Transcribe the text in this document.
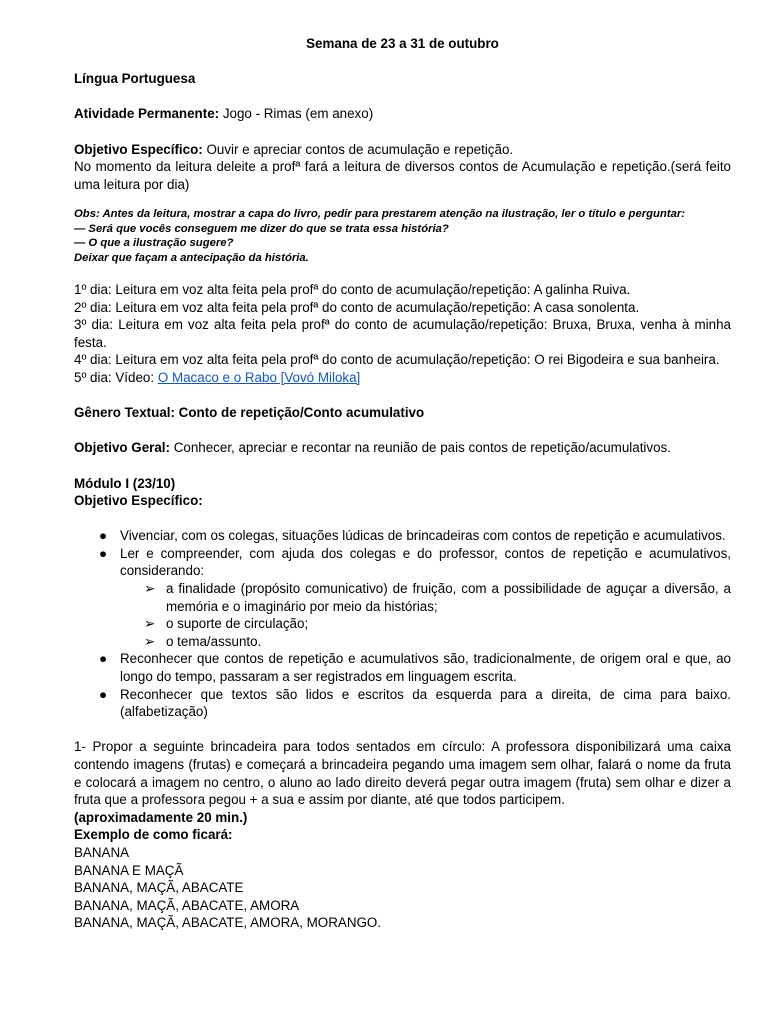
Semana de 23 a 31 de outubro

Língua Portuguesa

Atividade Permanente: Jogo - Rimas (em anexo)

Objetivo Específico: Ouvir e apreciar contos de acumulação e repetição.

No momento da leitura deleite a profª fará a leitura de diversos contos de Acumulação e repetição.(será feito uma leitura por dia)

Obs: Antes da leitura, mostrar a capa do livro, pedir para prestarem atenção na ilustração, ler o título e perguntar:

— Será que vocês conseguem me dizer do que se trata essa história?

— O que a ilustração sugere?

Deixar que façam a antecipação da história.

1º dia: Leitura em voz alta feita pela profª do conto de acumulação/repetição: A galinha Ruiva.

2º dia: Leitura em voz alta feita pela profª do conto de acumulação/repetição: A casa sonolenta.

3º dia: Leitura em voz alta feita pela profª do conto de acumulação/repetição: Bruxa, Bruxa, venha à minha festa.

4º dia: Leitura em voz alta feita pela profª do conto de acumulação/repetição: O rei Bigodeira e sua banheira.

5º dia: Vídeo: O Macaco e o Rabo [Vovó Miloka]

Gênero Textual: Conto de repetição/Conto acumulativo

Objetivo Geral: Conhecer, apreciar e recontar na reunião de pais contos de repetição/acumulativos.

Módulo I (23/10)

Objetivo Específico:

● Vivenciar, com os colegas, situações lúdicas de brincadeiras com contos de repetição e acumulativos.
● Ler e compreender, com ajuda dos colegas e do professor, contos de repetição e acumulativos, considerando:
➢ a finalidade (propósito comunicativo) de fruição, com a possibilidade de aguçar a diversão, a memória e o imaginário por meio da histórias;
➢ o suporte de circulação;
➢ o tema/assunto.
● Reconhecer que contos de repetição e acumulativos são, tradicionalmente, de origem oral e que, ao longo do tempo, passaram a ser registrados em linguagem escrita.
● Reconhecer que textos são lidos e escritos da esquerda para a direita, de cima para baixo. (alfabetização)

1- Propor a seguinte brincadeira para todos sentados em círculo: A professora disponibilizará uma caixa contendo imagens (frutas) e começará a brincadeira pegando uma imagem sem olhar, falará o nome da fruta e colocará a imagem no centro, o aluno ao lado direito deverá pegar outra imagem (fruta) sem olhar e dizer a fruta que a professora pegou + a sua e assim por diante, até que todos participem.

(aproximadamente 20 min.)

Exemplo de como ficará:

BANANA

BANANA E MAÇÃ

BANANA, MAÇÃ, ABACATE

BANANA, MAÇÃ, ABACATE, AMORA

BANANA, MAÇÃ, ABACATE, AMORA, MORANGO.
